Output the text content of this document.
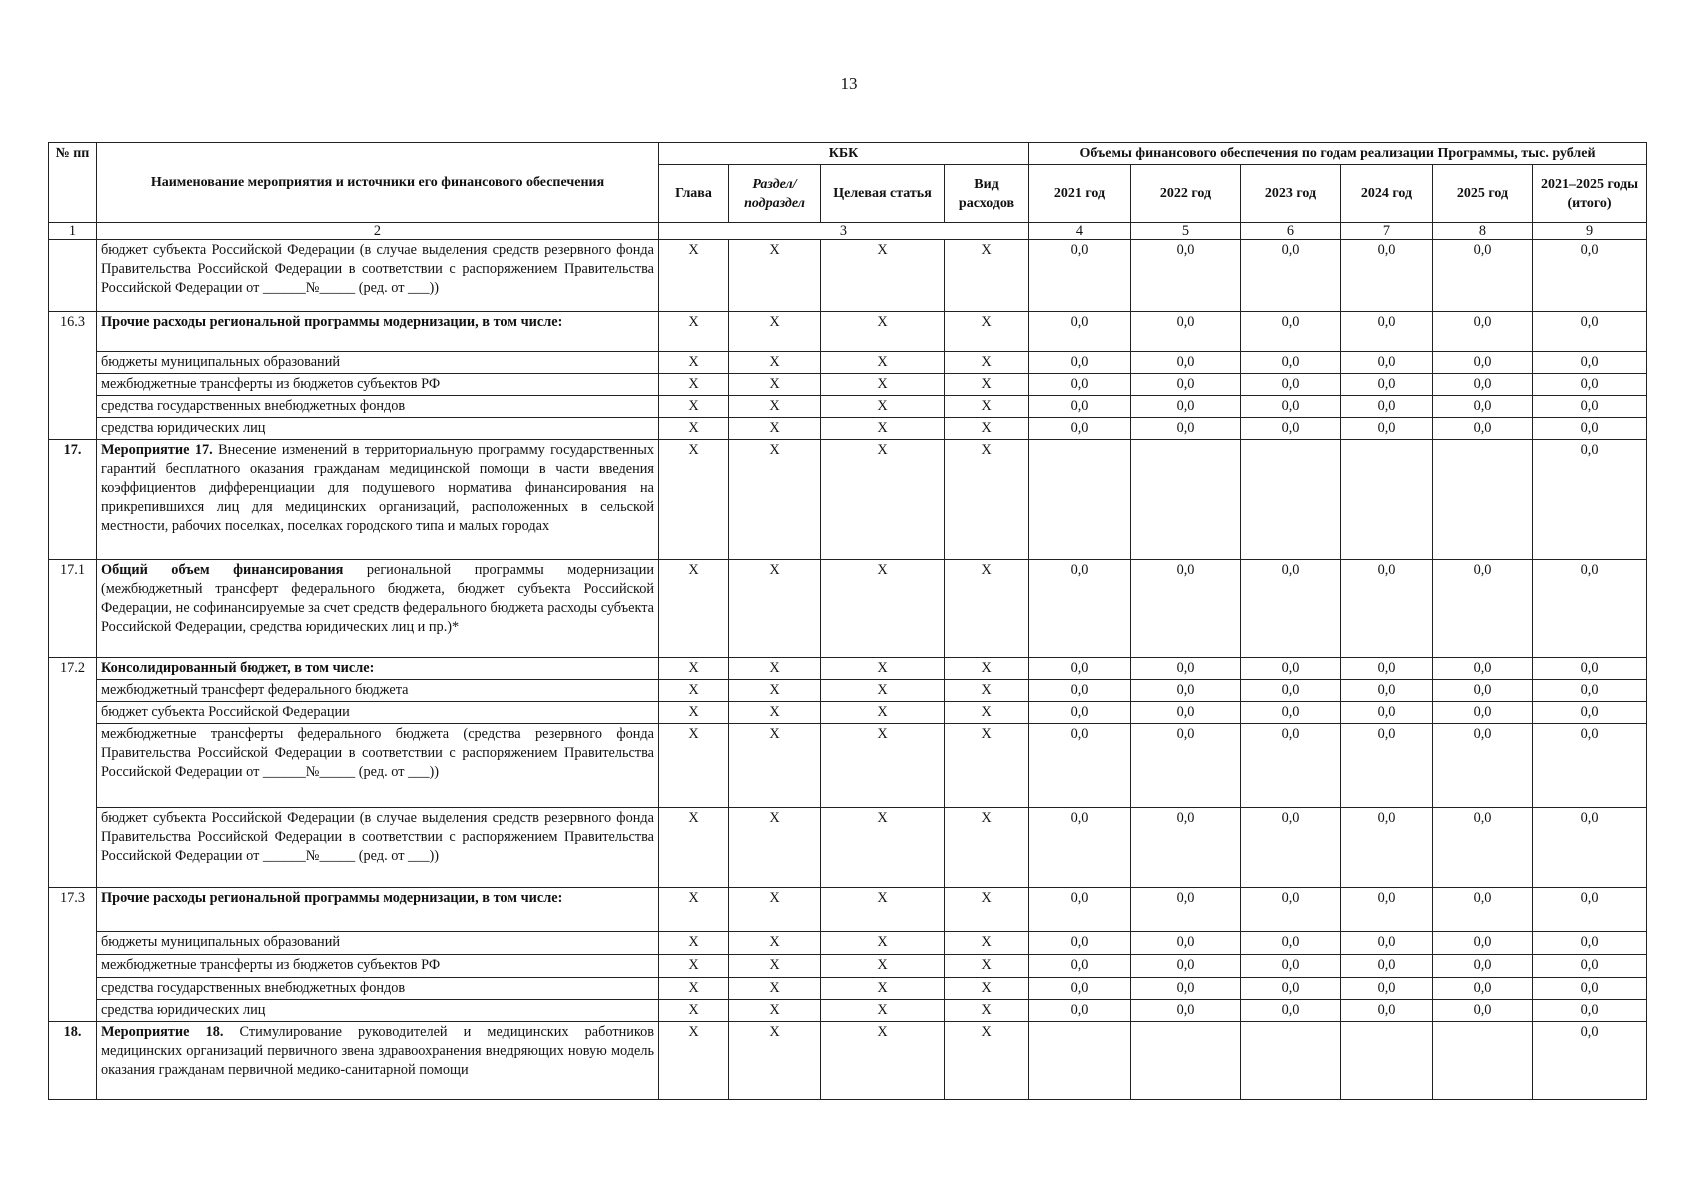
13
№ пп	Наименование мероприятия и источники его финансового обеспечения	КБК				Объемы финансового обеспечения по годам реализации Программы, тыс. рублей					
		Глава	Раздел/ подраздел	Целевая статья	Вид расходов	2021 год	2022 год	2023 год	2024 год	2025 год	2021–2025 годы (итого)
1	2	3				4	5	6	7	8	9
	бюджет субъекта Российской Федерации (в случае выделения средств резервного фонда Правительства Российской Федерации в соответствии с распоряжением Правительства Российской Федерации от ______№_____ (ред. от ___))	X	X	X	X	0,0	0,0	0,0	0,0	0,0	0,0
16.3	Прочие расходы региональной программы модернизации, в том числе:	X	X	X	X	0,0	0,0	0,0	0,0	0,0	0,0
	бюджеты муниципальных образований	X	X	X	X	0,0	0,0	0,0	0,0	0,0	0,0
	межбюджетные трансферты из бюджетов субъектов РФ	X	X	X	X	0,0	0,0	0,0	0,0	0,0	0,0
	средства государственных внебюджетных фондов	X	X	X	X	0,0	0,0	0,0	0,0	0,0	0,0
	средства юридических лиц	X	X	X	X	0,0	0,0	0,0	0,0	0,0	0,0
17.	Мероприятие 17. Внесение изменений в территориальную программу государственных гарантий бесплатного оказания гражданам медицинской помощи в части введения коэффициентов дифференциации для подушевого норматива финансирования на прикрепившихся лиц для медицинских организаций, расположенных в сельской местности, рабочих поселках, поселках городского типа и малых городах	X	X	X	X						0,0
17.1	Общий объем финансирования региональной программы модернизации (межбюджетный трансферт федерального бюджета, бюджет субъекта Российской Федерации, не софинансируемые за счет средств федерального бюджета расходы субъекта Российской Федерации, средства юридических лиц и пр.)*	X	X	X	X	0,0	0,0	0,0	0,0	0,0	0,0
17.2	Консолидированный бюджет, в том числе:	X	X	X	X	0,0	0,0	0,0	0,0	0,0	0,0
	межбюджетный трансферт федерального бюджета	X	X	X	X	0,0	0,0	0,0	0,0	0,0	0,0
	бюджет субъекта Российской Федерации	X	X	X	X	0,0	0,0	0,0	0,0	0,0	0,0
	межбюджетные трансферты федерального бюджета (средства резервного фонда Правительства Российской Федерации в соответствии с распоряжением Правительства Российской Федерации от ______№_____ (ред. от ___))	X	X	X	X	0,0	0,0	0,0	0,0	0,0	0,0
	бюджет субъекта Российской Федерации (в случае выделения средств резервного фонда Правительства Российской Федерации в соответствии с распоряжением Правительства Российской Федерации от ______№_____ (ред. от ___))	X	X	X	X	0,0	0,0	0,0	0,0	0,0	0,0
17.3	Прочие расходы региональной программы модернизации, в том числе:	X	X	X	X	0,0	0,0	0,0	0,0	0,0	0,0
	бюджеты муниципальных образований	X	X	X	X	0,0	0,0	0,0	0,0	0,0	0,0
	межбюджетные трансферты из бюджетов субъектов РФ	X	X	X	X	0,0	0,0	0,0	0,0	0,0	0,0
	средства государственных внебюджетных фондов	X	X	X	X	0,0	0,0	0,0	0,0	0,0	0,0
	средства юридических лиц	X	X	X	X	0,0	0,0	0,0	0,0	0,0	0,0
18.	Мероприятие 18. Стимулирование руководителей и медицинских работников медицинских организаций первичного звена здравоохранения внедряющих новую модель оказания гражданам первичной медико-санитарной помощи	X	X	X	X						0,0
